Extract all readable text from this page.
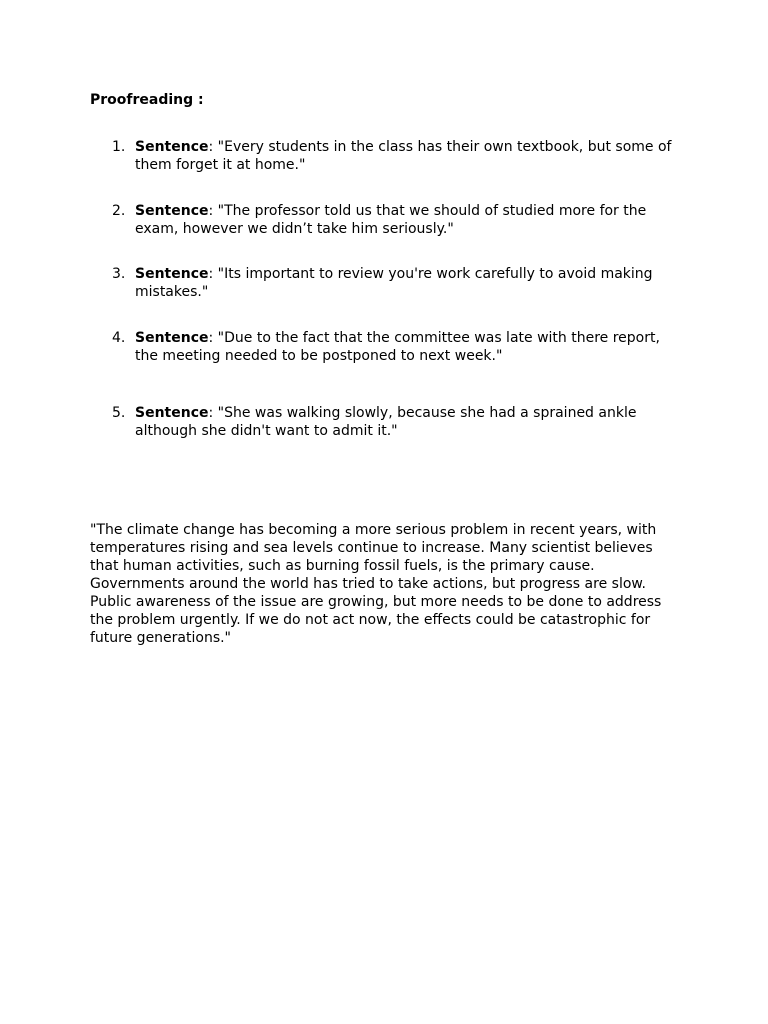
Proofreading :

1. Sentence: "Every students in the class has their own textbook, but some of them forget it at home."
2. Sentence: "The professor told us that we should of studied more for the exam, however we didn’t take him seriously."
3. Sentence: "Its important to review you're work carefully to avoid making mistakes."
4. Sentence: "Due to the fact that the committee was late with there report, the meeting needed to be postponed to next week."
5. Sentence: "She was walking slowly, because she had a sprained ankle although she didn't want to admit it."

"The climate change has becoming a more serious problem in recent years, with temperatures rising and sea levels continue to increase. Many scientist believes that human activities, such as burning fossil fuels, is the primary cause. Governments around the world has tried to take actions, but progress are slow. Public awareness of the issue are growing, but more needs to be done to address the problem urgently. If we do not act now, the effects could be catastrophic for future generations."
